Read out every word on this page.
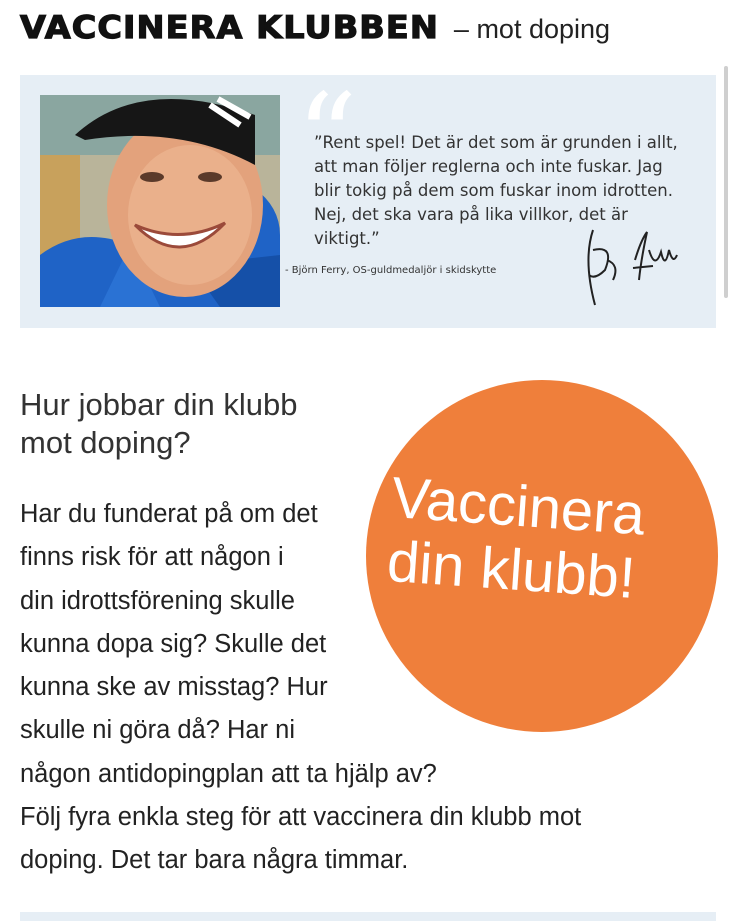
VACCINERA KLUBBEN – mot doping
“
”Rent spel! Det är det som är grunden i allt, att man följer reglerna och inte fuskar. Jag blir tokig på dem som fuskar inom idrotten. Nej, det ska vara på lika villkor, det är viktigt.”
- Björn Ferry, OS-guldmedaljör i skidskytte
Hur jobbar din klubb
mot doping?
Vaccinera
din klubb!

Har du funderat på om det
finns risk för att någon i
din idrottsförening skulle
kunna dopa sig? Skulle det
kunna ske av misstag? Hur
skulle ni göra då? Har ni
någon antidopingplan att ta hjälp av?
Följ fyra enkla steg för att vaccinera din klubb mot
doping. Det tar bara några timmar.
